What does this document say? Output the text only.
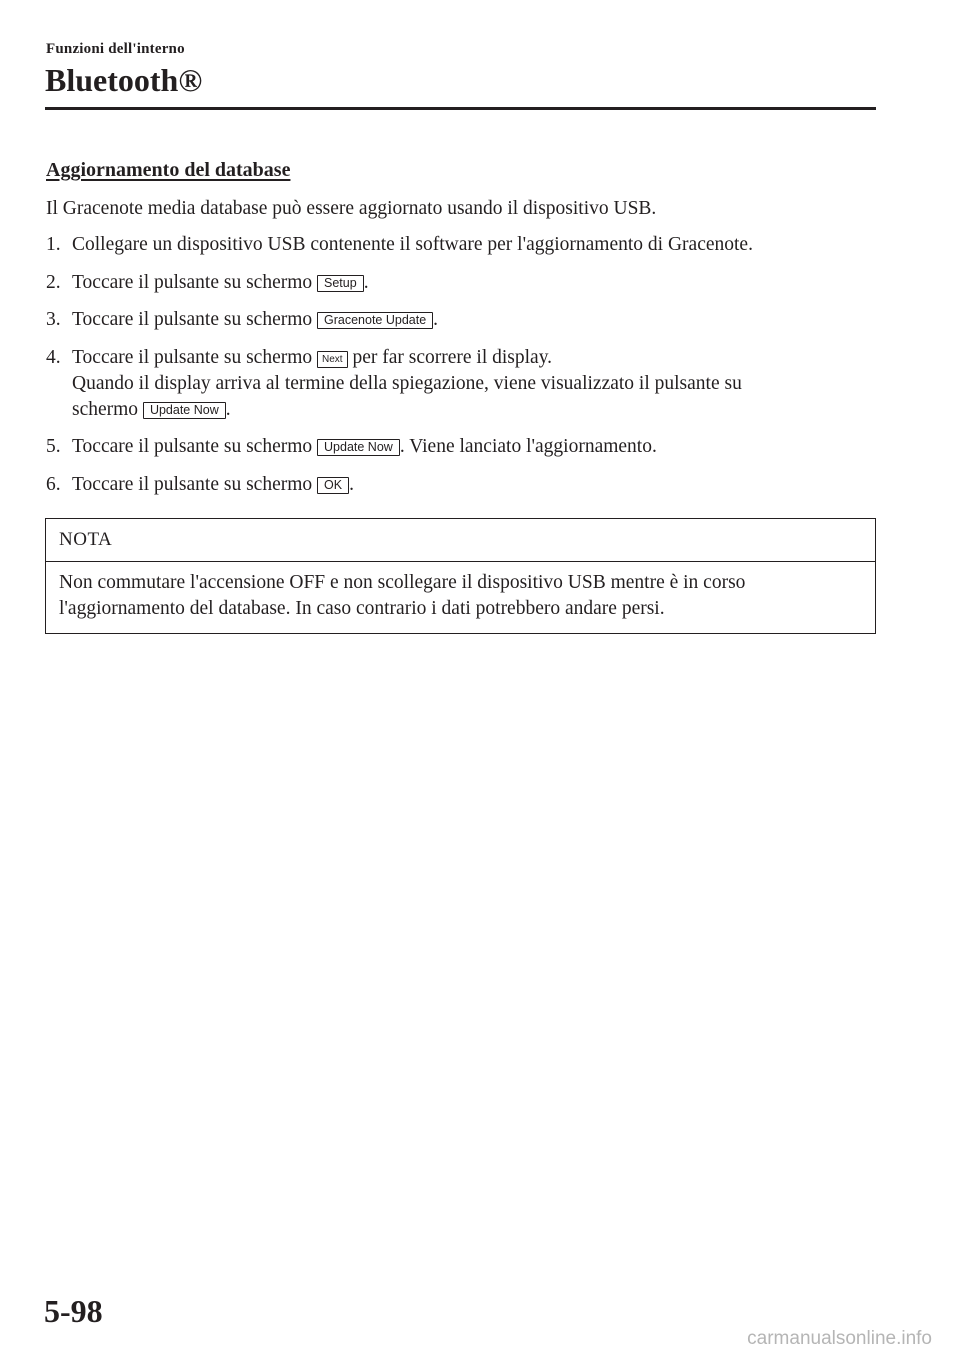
Funzioni dell'interno
Bluetooth®
Aggiornamento del database
Il Gracenote media database può essere aggiornato usando il dispositivo USB.
1. Collegare un dispositivo USB contenente il software per l'aggiornamento di Gracenote.
2. Toccare il pulsante su schermo Setup .
3. Toccare il pulsante su schermo Gracenote Update .
4. Toccare il pulsante su schermo Next per far scorrere il display.
Quando il display arriva al termine della spiegazione, viene visualizzato il pulsante su
schermo Update Now .
5. Toccare il pulsante su schermo Update Now . Viene lanciato l'aggiornamento.
6. Toccare il pulsante su schermo OK .
NOTA
Non commutare l'accensione OFF e non scollegare il dispositivo USB mentre è in corso l'aggiornamento del database. In caso contrario i dati potrebbero andare persi.
5-98
carmanualsonline.info
